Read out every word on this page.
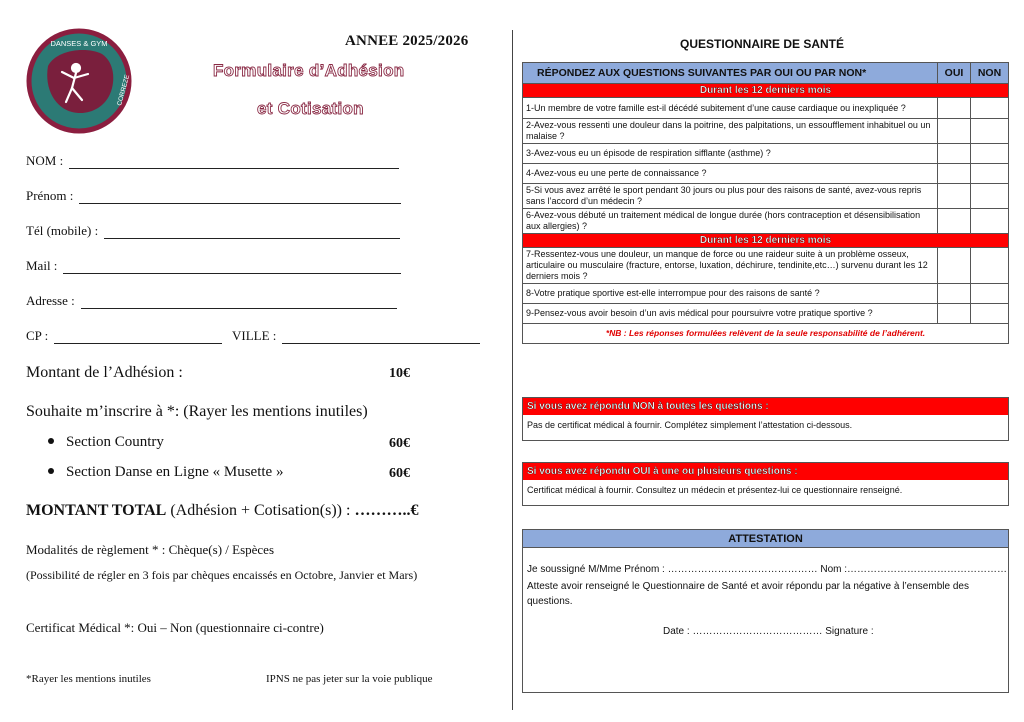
DANSES & GYM
CORREZE
ANNEE 2025/2026
Formulaire d’Adhésion
et Cotisation
NOM :
Prénom :
Tél (mobile) :
Mail :
Adresse :
CP :	VILLE :
Montant de l’Adhésion :	10€
Souhaite m’inscrire à *: (Rayer les mentions inutiles)
Section Country	60€
Section Danse en Ligne « Musette »	60€
MONTANT TOTAL (Adhésion + Cotisation(s)) : ………..€
Modalités de règlement * : Chèque(s) / Espèces
(Possibilité de régler en 3 fois par chèques encaissés en Octobre, Janvier et Mars)
Certificat Médical *: Oui – Non (questionnaire ci-contre)
*Rayer les mentions inutiles	IPNS ne pas jeter sur la voie publique
QUESTIONNAIRE DE SANTÉ
RÉPONDEZ AUX QUESTIONS SUIVANTES PAR OUI OU PAR NON*	OUI	NON
Durant les 12 derniers mois		
1-Un membre de votre famille est-il décédé subitement d’une cause cardiaque ou inexpliquée ?		
2-Avez-vous ressenti une douleur dans la poitrine, des palpitations, un essoufflement inhabituel ou un malaise ?		
3-Avez-vous eu un épisode de respiration sifflante (asthme) ?		
4-Avez-vous eu une perte de connaissance ?		
5-Si vous avez arrêté le sport pendant 30 jours ou plus pour des raisons de santé, avez-vous repris sans l’accord d’un médecin ?		
6-Avez-vous débuté un traitement médical de longue durée (hors contraception et désensibilisation aux allergies) ?		
Durant les 12 derniers mois		
7-Ressentez-vous une douleur, un manque de force ou une raideur suite à un problème osseux, articulaire ou musculaire (fracture, entorse, luxation, déchirure, tendinite,etc…) survenu durant les 12 derniers mois ?		
8-Votre pratique sportive est-elle interrompue pour des raisons de santé ?		
9-Pensez-vous avoir besoin d’un avis médical pour poursuivre votre pratique sportive ?		
*NB : Les réponses formulées relèvent de la seule responsabilité de l’adhérent.		
Si vous avez répondu NON à toutes les questions :
Pas de certificat médical à fournir. Complétez simplement l’attestation ci-dessous.
Si vous avez répondu OUI à une ou plusieurs questions :
Certificat médical à fournir. Consultez un médecin et présentez-lui ce questionnaire renseigné.
ATTESTATION
Je soussigné M/Mme Prénom : ……………………………………… Nom :…………………………………………
Atteste avoir renseigné le Questionnaire de Santé et avoir répondu par la négative à l’ensemble des questions.
Date : ………………………………… Signature :
